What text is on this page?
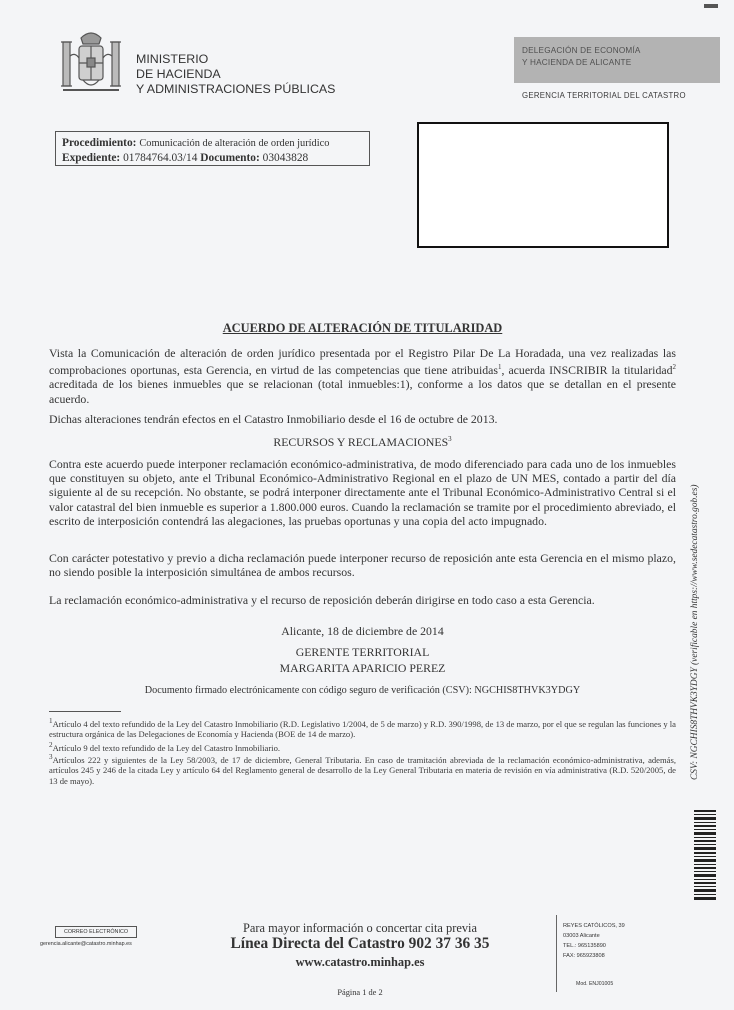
MINISTERIO
DE HACIENDA
Y ADMINISTRACIONES PÚBLICAS
DELEGACIÓN DE ECONOMÍA
Y HACIENDA DE ALICANTE
GERENCIA TERRITORIAL DEL CATASTRO
Procedimiento: Comunicación de alteración de orden jurídico
Expediente: 01784764.03/14 Documento: 03043828
ACUERDO DE ALTERACIÓN DE TITULARIDAD
Vista la Comunicación de alteración de orden jurídico presentada por el Registro Pilar De La Horadada, una vez realizadas las comprobaciones oportunas, esta Gerencia, en virtud de las competencias que tiene atribuidas$^1$, acuerda INSCRIBIR la titularidad$^2$ acreditada de los bienes inmuebles que se relacionan (total inmuebles:1), conforme a los datos que se detallan en el presente acuerdo.
Dichas alteraciones tendrán efectos en el Catastro Inmobiliario desde el 16 de octubre de 2013.
RECURSOS Y RECLAMACIONES$^3$
Contra este acuerdo puede interponer reclamación económico-administrativa, de modo diferenciado para cada uno de los inmuebles que constituyen su objeto, ante el Tribunal Económico-Administrativo Regional en el plazo de UN MES, contado a partir del día siguiente al de su recepción. No obstante, se podrá interponer directamente ante el Tribunal Económico-Administrativo Central si el valor catastral del bien inmueble es superior a 1.800.000 euros. Cuando la reclamación se tramite por el procedimiento abreviado, el escrito de interposición contendrá las alegaciones, las pruebas oportunas y una copia del acto impugnado.
Con carácter potestativo y previo a dicha reclamación puede interponer recurso de reposición ante esta Gerencia en el mismo plazo, no siendo posible la interposición simultánea de ambos recursos.
La reclamación económico-administrativa y el recurso de reposición deberán dirigirse en todo caso a esta Gerencia.
Alicante, 18 de diciembre de 2014
GERENTE TERRITORIAL
MARGARITA APARICIO PEREZ
Documento firmado electrónicamente con código seguro de verificación (CSV): NGCHIS8THVK3YDGY
$^1$Artículo 4 del texto refundido de la Ley del Catastro Inmobiliario (R.D. Legislativo 1/2004, de 5 de marzo) y R.D. 390/1998, de 13 de marzo, por el que se regulan las funciones y la estructura orgánica de las Delegaciones de Economía y Hacienda (BOE de 14 de marzo).
$^2$Artículo 9 del texto refundido de la Ley del Catastro Inmobiliario.
$^3$Artículos 222 y siguientes de la Ley 58/2003, de 17 de diciembre, General Tributaria. En caso de tramitación abreviada de la reclamación económico-administrativa, además, artículos 245 y 246 de la citada Ley y artículo 64 del Reglamento general de desarrollo de la Ley General Tributaria en materia de revisión en vía administrativa (R.D. 520/2005, de 13 de mayo).
CSV: NGCHIS8THVK3YDGY (verificable en https://www.sedecatastro.gob.es)
CORREO ELECTRÓNICO
gerencia.alicante@catastro.minhap.es
Para mayor información o concertar cita previa
Línea Directa del Catastro 902 37 36 35
www.catastro.minhap.es
REYES CATÓLICOS, 39
03003 Alicante
TEL.: 965135890
FAX: 965923808
Mod. ENJ01005
Página 1 de 2
